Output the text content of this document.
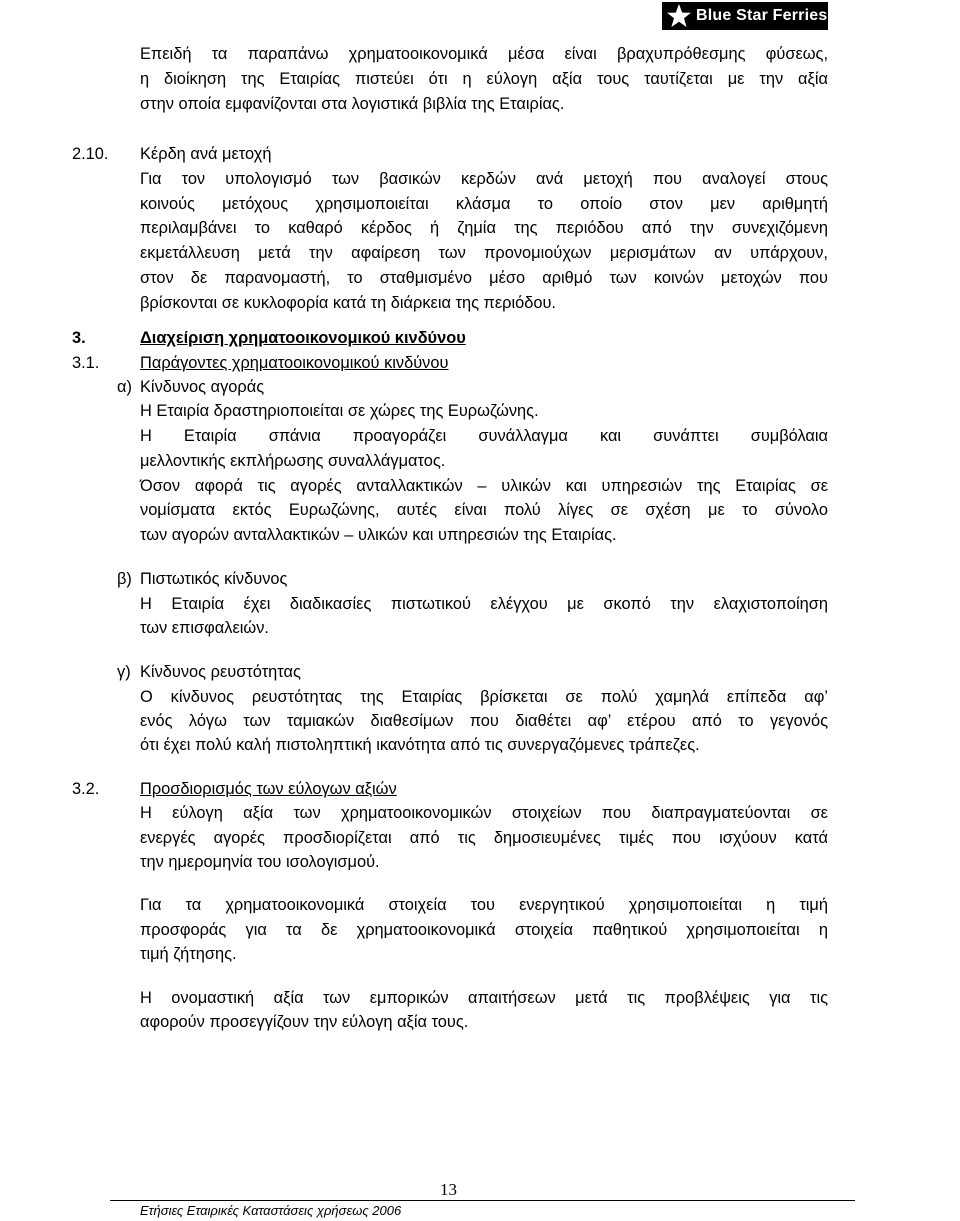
Blue Star Ferries
Επειδή τα παραπάνω χρηματοοικονομικά μέσα είναι βραχυπρόθεσμης φύσεως,
η διοίκηση της Εταιρίας πιστεύει ότι η εύλογη αξία τους ταυτίζεται με την αξία
στην οποία εμφανίζονται στα λογιστικά βιβλία της Εταιρίας.
2.10. Κέρδη ανά μετοχή
Για τον υπολογισμό των βασικών κερδών ανά μετοχή που αναλογεί στους
κοινούς μετόχους χρησιμοποιείται κλάσμα το οποίο στον μεν αριθμητή
περιλαμβάνει το καθαρό κέρδος ή ζημία της περιόδου από την συνεχιζόμενη
εκμετάλλευση μετά την αφαίρεση των προνομιούχων μερισμάτων αν υπάρχουν,
στον δε παρανομαστή, το σταθμισμένο μέσο αριθμό των κοινών μετοχών που
βρίσκονται σε κυκλοφορία κατά τη διάρκεια της περιόδου.
3.	Διαχείριση χρηματοοικονομικού κινδύνου
3.1. Παράγοντες χρηματοοικονομικού κινδύνου
α) Κίνδυνος αγοράς
Η Εταιρία δραστηριοποιείται σε χώρες της Ευρωζώνης.
Η Εταιρία σπάνια προαγοράζει συνάλλαγμα και συνάπτει συμβόλαια
μελλοντικής εκπλήρωσης συναλλάγματος.
Όσον αφορά τις αγορές ανταλλακτικών – υλικών και υπηρεσιών της Εταιρίας σε
νομίσματα εκτός Ευρωζώνης, αυτές είναι πολύ λίγες σε σχέση με το σύνολο
των αγορών ανταλλακτικών – υλικών και υπηρεσιών της Εταιρίας.
β) Πιστωτικός κίνδυνος
Η Εταιρία έχει διαδικασίες πιστωτικού ελέγχου με σκοπό την ελαχιστοποίηση
των επισφαλειών.
γ) Κίνδυνος ρευστότητας
Ο κίνδυνος ρευστότητας της Εταιρίας βρίσκεται σε πολύ χαμηλά επίπεδα αφ’
ενός λόγω των ταμιακών διαθεσίμων που διαθέτει αφ’ ετέρου από το γεγονός
ότι έχει πολύ καλή πιστοληπτική ικανότητα από τις συνεργαζόμενες τράπεζες.
3.2. Προσδιορισμός των εύλογων αξιών
Η εύλογη αξία των χρηματοοικονομικών στοιχείων που διαπραγματεύονται σε
ενεργές αγορές προσδιορίζεται από τις δημοσιευμένες τιμές που ισχύουν κατά
την ημερομηνία του ισολογισμού.
Για τα χρηματοοικονομικά στοιχεία του ενεργητικού χρησιμοποιείται η τιμή
προσφοράς για τα δε χρηματοοικονομικά στοιχεία παθητικού χρησιμοποιείται η
τιμή ζήτησης.
Η ονομαστική αξία των εμπορικών απαιτήσεων μετά τις προβλέψεις για τις
αφορούν προσεγγίζουν την εύλογη αξία τους.
13
Ετήσιες Εταιρικές Καταστάσεις χρήσεως 2006
